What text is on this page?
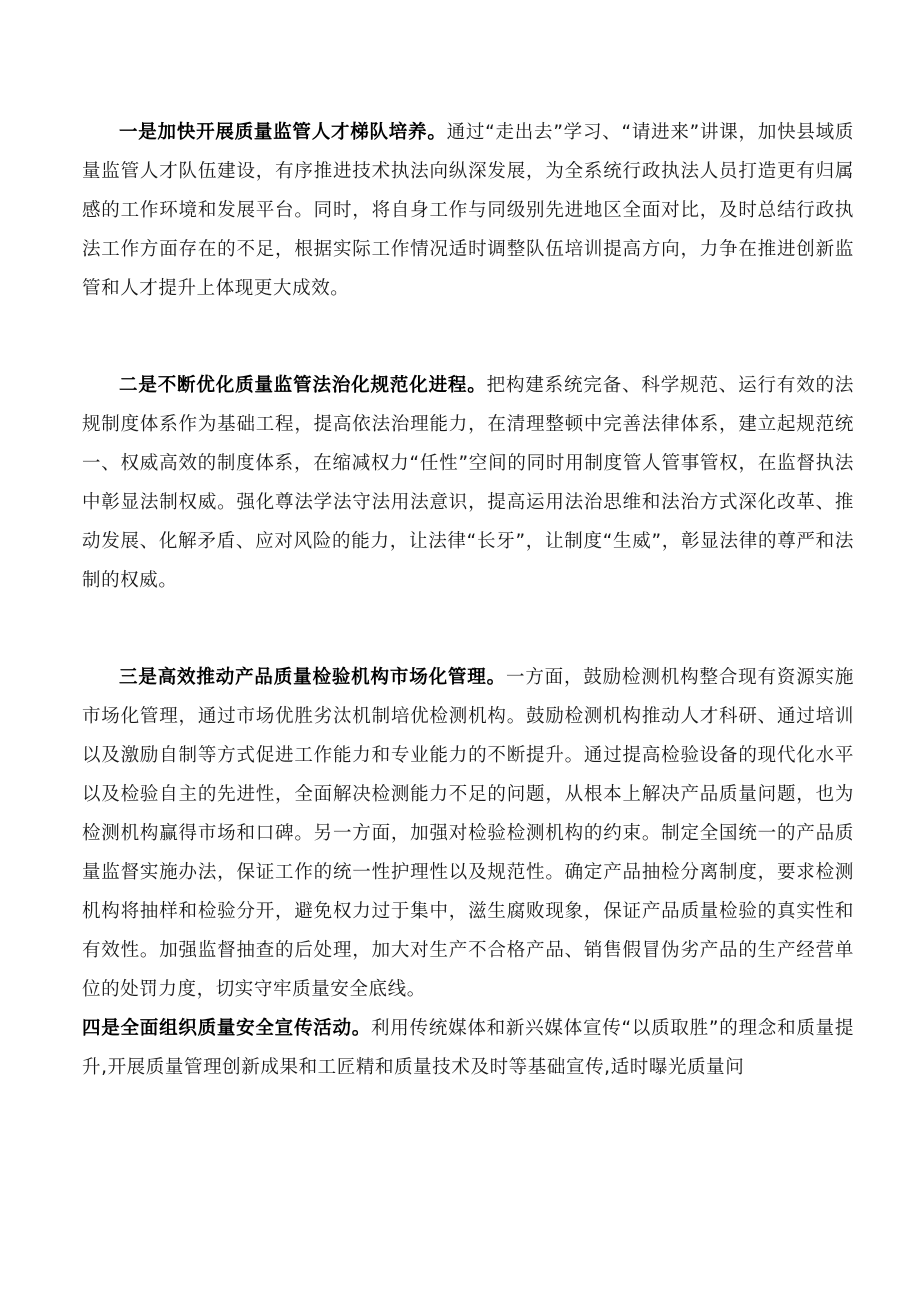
一是加快开展质量监管人才梯队培养。通过“走出去”学习、“请进来”讲课，加快县域质量监管人才队伍建设，有序推进技术执法向纵深发展，为全系统行政执法人员打造更有归属感的工作环境和发展平台。同时，将自身工作与同级别先进地区全面对比，及时总结行政执法工作方面存在的不足，根据实际工作情况适时调整队伍培训提高方向，力争在推进创新监管和人才提升上体现更大成效。

二是不断优化质量监管法治化规范化进程。把构建系统完备、科学规范、运行有效的法规制度体系作为基础工程，提高依法治理能力，在清理整顿中完善法律体系，建立起规范统一、权威高效的制度体系，在缩减权力“任性”空间的同时用制度管人管事管权，在监督执法中彰显法制权威。强化尊法学法守法用法意识，提高运用法治思维和法治方式深化改革、推动发展、化解矛盾、应对风险的能力，让法律“长牙”，让制度“生威”，彰显法律的尊严和法制的权威。

三是高效推动产品质量检验机构市场化管理。一方面，鼓励检测机构整合现有资源实施市场化管理，通过市场优胜劣汰机制培优检测机构。鼓励检测机构推动人才科研、通过培训以及激励自制等方式促进工作能力和专业能力的不断提升。通过提高检验设备的现代化水平以及检验自主的先进性，全面解决检测能力不足的问题，从根本上解决产品质量问题，也为检测机构赢得市场和口碑。另一方面，加强对检验检测机构的约束。制定全国统一的产品质量监督实施办法，保证工作的统一性护理性以及规范性。确定产品抽检分离制度，要求检测机构将抽样和检验分开，避免权力过于集中，滋生腐败现象，保证产品质量检验的真实性和有效性。加强监督抽查的后处理，加大对生产不合格产品、销售假冒伪劣产品的生产经营单位的处罚力度，切实守牢质量安全底线。

四是全面组织质量安全宣传活动。利用传统媒体和新兴媒体宣传“以质取胜”的理念和质量提升,开展质量管理创新成果和工匠精和质量技术及时等基础宣传,适时曝光质量问
